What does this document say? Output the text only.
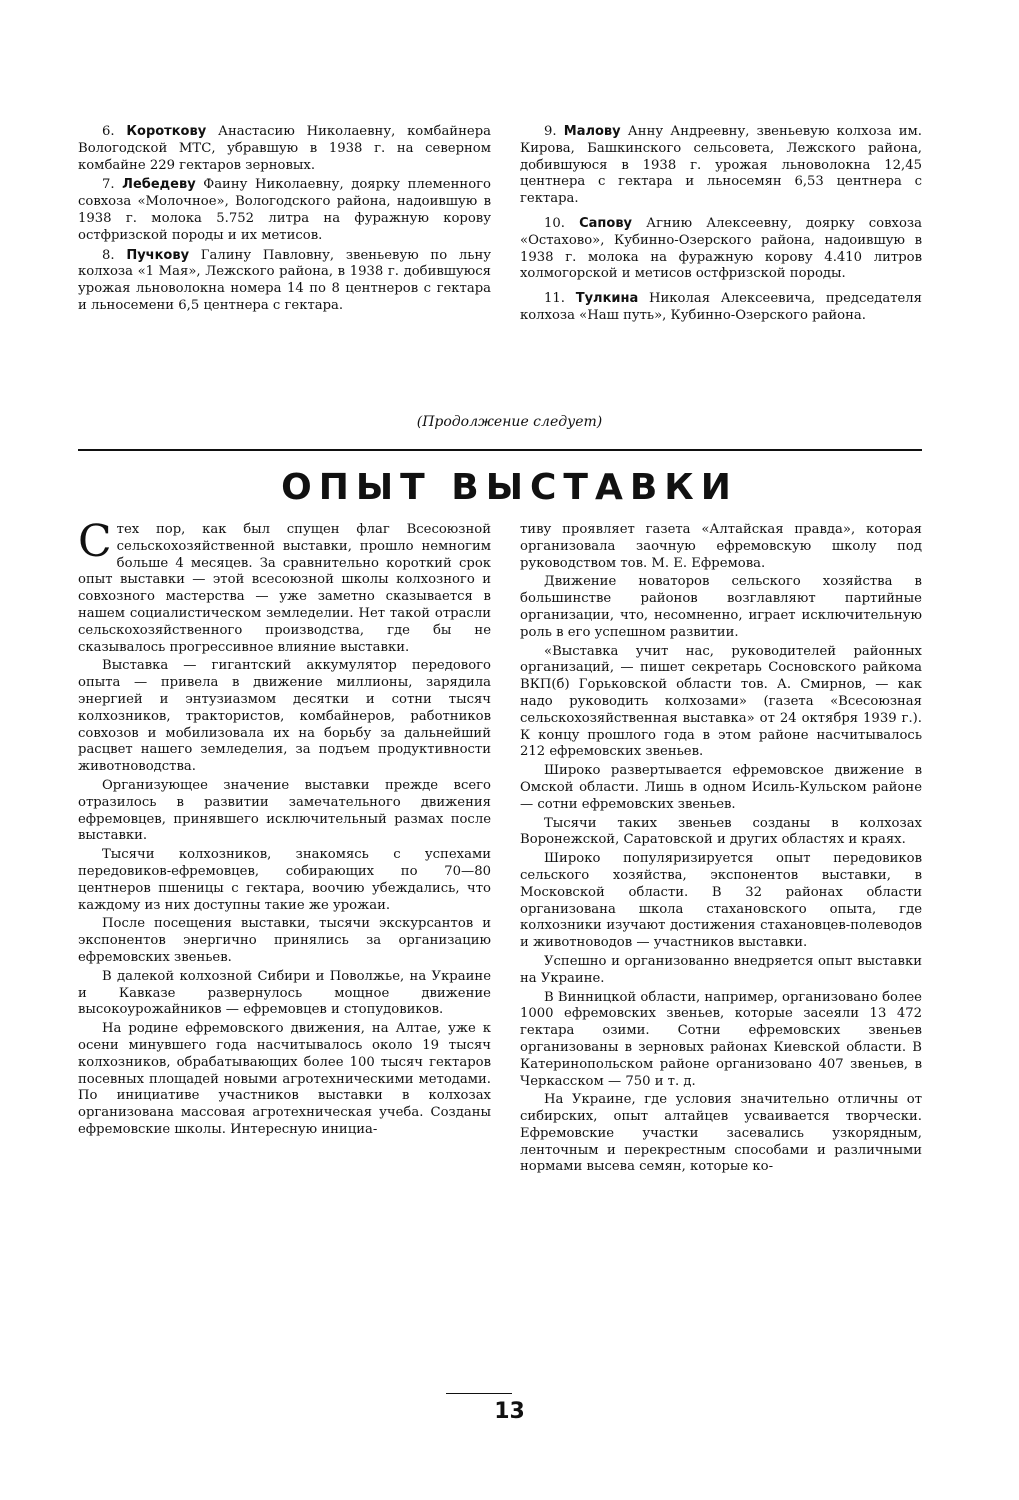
6. Короткову Анастасию Николаевну, комбайнера Вологодской МТС, убравшую в 1938 г. на северном комбайне 229 гектаров зерновых.

7. Лебедеву Фаину Николаевну, доярку племенного совхоза «Молочное», Вологодского района, надоившую в 1938 г. молока 5.752 литра на фуражную корову остфризской породы и их метисов.

8. Пучкову Галину Павловну, звеньевую по льну колхоза «1 Мая», Лежского района, в 1938 г. добившуюся урожая льноволокна номера 14 по 8 центнеров с гектара и льносемени 6,5 центнера с гектара.

9. Малову Анну Андреевну, звеньевую колхоза им. Кирова, Башкинского сельсовета, Лежского района, добившуюся в 1938 г. урожая льноволокна 12,45 центнера с гектара и льносемян 6,53 центнера с гектара.

10. Сапову Агнию Алексеевну, доярку совхоза «Остахово», Кубинно-Озерского района, надоившую в 1938 г. молока на фуражную корову 4.410 литров холмогорской и метисов остфризской породы.

11. Тулкина Николая Алексеевича, председателя колхоза «Наш путь», Кубинно-Озерского района.

(Продолжение следует)
ОПЫТ ВЫСТАВКИ

С тех пор, как был спущен флаг Всесоюзной сельскохозяйственной выставки, прошло немногим больше 4 месяцев. За сравнительно короткий срок опыт выставки — этой всесоюзной школы колхозного и совхозного мастерства — уже заметно сказывается в нашем социалистическом земледелии. Нет такой отрасли сельскохозяйственного производства, где бы не сказывалось прогрессивное влияние выставки.

Выставка — гигантский аккумулятор передового опыта — привела в движение миллионы, зарядила энергией и энтузиазмом десятки и сотни тысяч колхозников, трактористов, комбайнеров, работников совхозов и мобилизовала их на борьбу за дальнейший расцвет нашего земледелия, за подъем продуктивности животноводства.

Организующее значение выставки прежде всего отразилось в развитии замечательного движения ефремовцев, принявшего исключительный размах после выставки.

Тысячи колхозников, знакомясь с успехами передовиков-ефремовцев, собирающих по 70—80 центнеров пшеницы с гектара, воочию убеждались, что каждому из них доступны такие же урожаи.

После посещения выставки, тысячи экскурсантов и экспонентов энергично принялись за организацию ефремовских звеньев.

В далекой колхозной Сибири и Поволжье, на Украине и Кавказе развернулось мощное движение высокоурожайников — ефремовцев и стопудовиков.

На родине ефремовского движения, на Алтае, уже к осени минувшего года насчитывалось около 19 тысяч колхозников, обрабатывающих более 100 тысяч гектаров посевных площадей новыми агротехническими методами. По инициативе участников выставки в колхозах организована массовая агротехническая учеба. Созданы ефремовские школы. Интересную инициа-

тиву проявляет газета «Алтайская правда», которая организовала заочную ефремовскую школу под руководством тов. М. Е. Ефремова.

Движение новаторов сельского хозяйства в большинстве районов возглавляют партийные организации, что, несомненно, играет исключительную роль в его успешном развитии.

«Выставка учит нас, руководителей районных организаций, — пишет секретарь Сосновского райкома ВКП(б) Горьковской области тов. А. Смирнов, — как надо руководить колхозами» (газета «Всесоюзная сельскохозяйственная выставка» от 24 октября 1939 г.). К концу прошлого года в этом районе насчитывалось 212 ефремовских звеньев.

Широко развертывается ефремовское движение в Омской области. Лишь в одном Исиль-Кульском районе — сотни ефремовских звеньев.

Тысячи таких звеньев созданы в колхозах Воронежской, Саратовской и других областях и краях.

Широко популяризируется опыт передовиков сельского хозяйства, экспонентов выставки, в Московской области. В 32 районах области организована школа стахановского опыта, где колхозники изучают достижения стахановцев-полеводов и животноводов — участников выставки.

Успешно и организованно внедряется опыт выставки на Украине.

В Винницкой области, например, организовано более 1000 ефремовских звеньев, которые засеяли 13 472 гектара озими. Сотни ефремовских звеньев организованы в зерновых районах Киевской области. В Катеринопольском районе организовано 407 звеньев, в Черкасском — 750 и т. д.

На Украине, где условия значительно отличны от сибирских, опыт алтайцев усваивается творчески. Ефремовские участки засевались узкорядным, ленточным и перекрестным способами и различными нормами высева семян, которые ко-

13
